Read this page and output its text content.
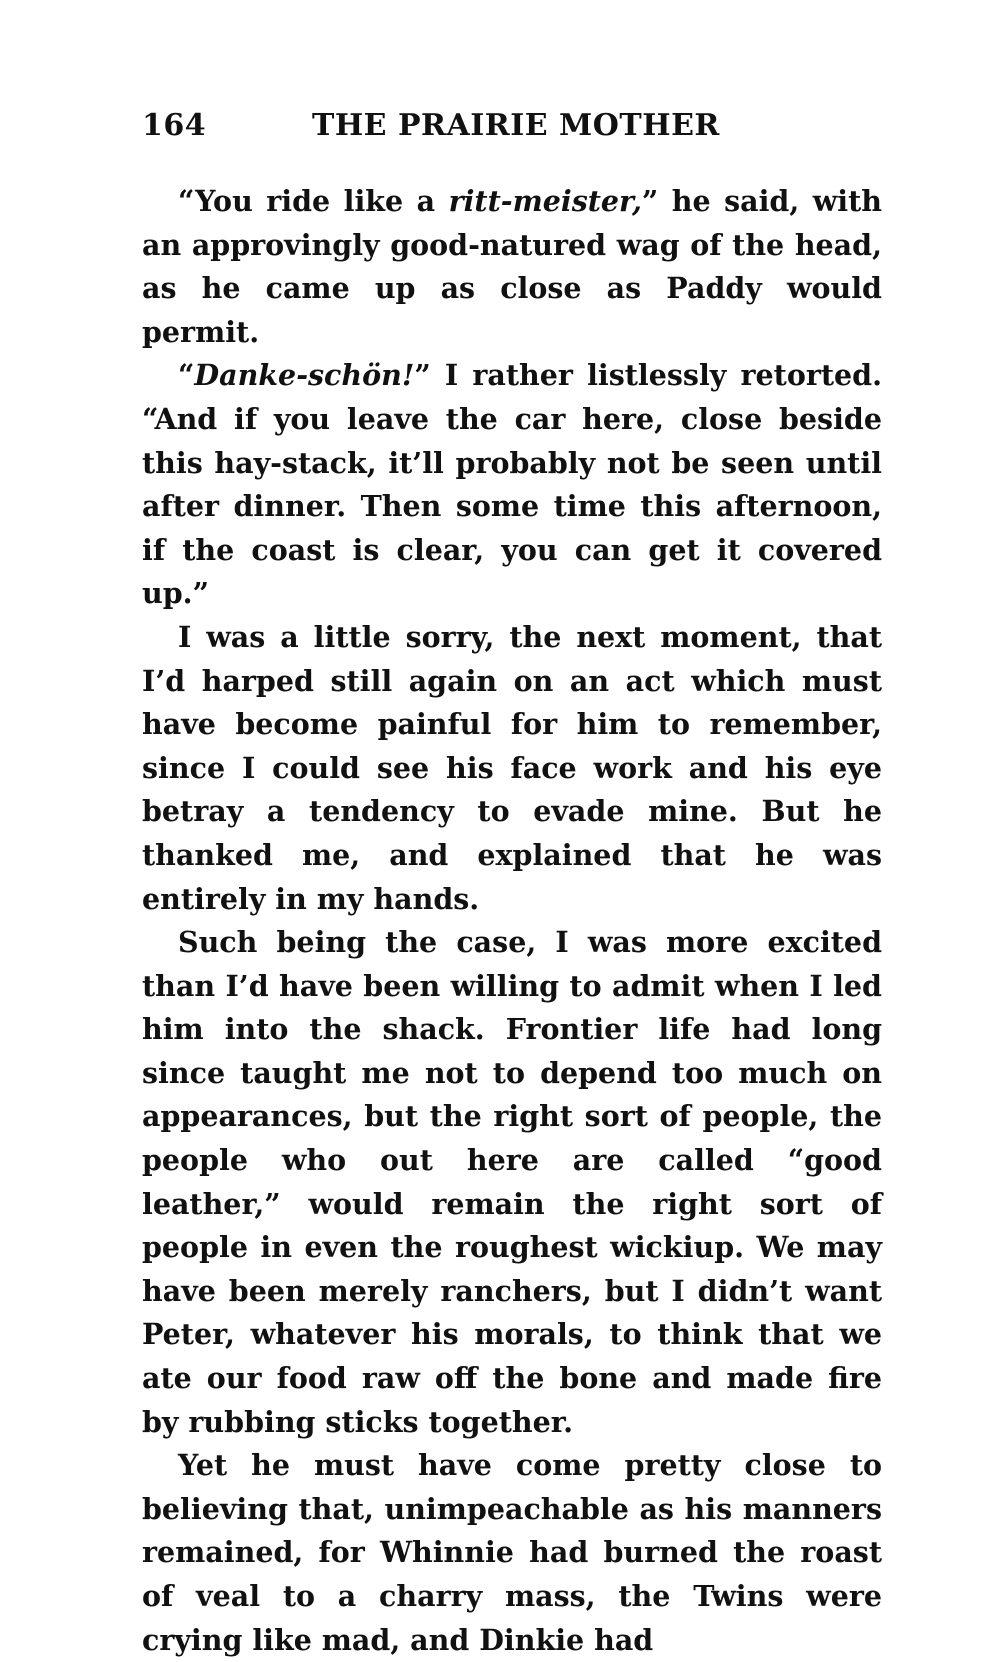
164	THE PRAIRIE MOTHER

“You ride like a ritt-meister,” he said, with an approvingly good-natured wag of the head, as he came up as close as Paddy would permit.

“Danke-schön!” I rather listlessly retorted. “And if you leave the car here, close beside this hay-stack, it’ll probably not be seen until after dinner. Then some time this afternoon, if the coast is clear, you can get it covered up.”

I was a little sorry, the next moment, that I’d harped still again on an act which must have become painful for him to remember, since I could see his face work and his eye betray a tendency to evade mine. But he thanked me, and explained that he was entirely in my hands.

Such being the case, I was more excited than I’d have been willing to admit when I led him into the shack. Frontier life had long since taught me not to depend too much on appearances, but the right sort of people, the people who out here are called “good leather,” would remain the right sort of people in even the roughest wickiup. We may have been merely ranchers, but I didn’t want Peter, whatever his morals, to think that we ate our food raw off the bone and made fire by rubbing sticks together.

Yet he must have come pretty close to believing that, unimpeachable as his manners remained, for Whinnie had burned the roast of veal to a charry mass, the Twins were crying like mad, and Dinkie had
